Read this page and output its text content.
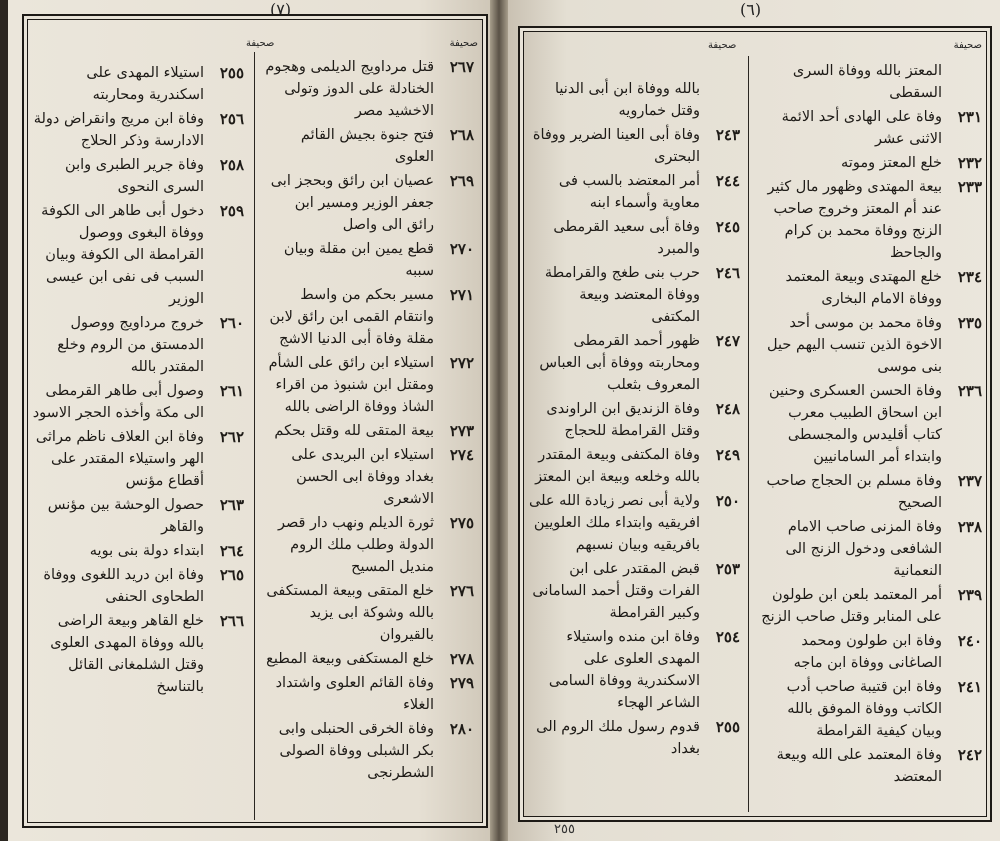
(٧)
صحيفة	صحيفة
٢٦٧
قتل مرداويج الديلمى وهجوم الخنادلة على الدوز وتولى الاخشيد مصر
٢٦٨
فتح جنوة بجيش القائم العلوى
٢٦٩
عصيان ابن رائق وبحجز ابى جعفر الوزير ومسير ابن رائق الى واصل
٢٧٠
قطع يمين ابن مقلة وبيان سببه
٢٧١
مسير بحكم من واسط وانتقام القمى ابن رائق لابن مقلة وفاة أبى الدنيا الاشج
٢٧٢
استيلاء ابن رائق على الشأم ومقتل ابن شنبوذ من اقراء الشاذ ووفاة الراضى بالله
٢٧٣
بيعة المتقى لله وقتل بحكم
٢٧٤
استيلاء ابن البريدى على بغداد ووفاة ابى الحسن الاشعرى
٢٧٥
ثورة الديلم ونهب دار قصر الدولة وطلب ملك الروم منديل المسيح
٢٧٦
خلع المتقى وبيعة المستكفى بالله وشوكة ابى يزيد بالقيروان
٢٧٨
خلع المستكفى وبيعة المطيع
٢٧٩
وفاة القائم العلوى واشتداد الغلاء
٢٨٠
وفاة الخرقى الحنبلى وابى بكر الشبلى ووفاة الصولى الشطرنجى
٢٥٥
استيلاء المهدى على اسكندرية ومحاربته
٢٥٦
وفاة ابن مريج وانقراض دولة الادارسة وذكر الحلاج
٢٥٨
وفاة جرير الطبرى وابن السرى النحوى
٢٥٩
دخول أبى طاهر الى الكوفة ووفاة البغوى ووصول القرامطة الى الكوفة وبيان السبب فى نفى ابن عيسى الوزير
٢٦٠
خروج مرداويج ووصول الدمستق من الروم وخلع المقتدر بالله
٢٦١
وصول أبى طاهر القرمطى الى مكة وأخذه الحجر الاسود
٢٦٢
وفاة ابن العلاف ناظم مراثى الهر واستيلاء المقتدر على أقطاع مؤنس
٢٦٣
حصول الوحشة بين مؤنس والقاهر
٢٦٤
ابتداء دولة بنى بويه
٢٦٥
وفاة ابن دريد اللغوى ووفاة الطحاوى الحنفى
٢٦٦
خلع القاهر وبيعة الراضى بالله ووفاة المهدى العلوى وقتل الشلمغانى القائل بالتناسخ
(٦)
صحيفة
صحيفة
المعتز بالله ووفاة السرى السقطى
٢٣١
وفاة على الهادى أحد الائمة الاثنى عشر
٢٣٢
خلع المعتز وموته
٢٣٣
بيعة المهتدى وظهور مال كثير عند أم المعتز وخروج صاحب الزنج ووفاة محمد بن كرام والجاحظ
٢٣٤
خلع المهتدى وبيعة المعتمد ووفاة الامام البخارى
٢٣٥
وفاة محمد بن موسى أحد الاخوة الذين تنسب اليهم حيل بنى موسى
٢٣٦
وفاة الحسن العسكرى وحنين ابن اسحاق الطبيب معرب كتاب أقليدس والمجسطى وابتداء أمر السامانيين
٢٣٧
وفاة مسلم بن الحجاج صاحب الصحيح
٢٣٨
وفاة المزنى صاحب الامام الشافعى ودخول الزنج الى النعمانية
٢٣٩
أمر المعتمد بلعن ابن طولون على المنابر وقتل صاحب الزنج
٢٤٠
وفاة ابن طولون ومحمد الصاغانى ووفاة ابن ماجه
٢٤١
وفاة ابن قتيبة صاحب أدب الكاتب ووفاة الموفق بالله وبيان كيفية القرامطة
٢٤٢
وفاة المعتمد على الله وبيعة المعتضد
بالله ووفاة ابن أبى الدنيا وقتل خمارويه
٢٤٣
وفاة أبى العينا الضرير ووفاة البحترى
٢٤٤
أمر المعتضد بالسب فى معاوية وأسماء ابنه
٢٤٥
وفاة أبى سعيد القرمطى والمبرد
٢٤٦
حرب بنى طغج والقرامطة ووفاة المعتضد وبيعة المكتفى
٢٤٧
ظهور أحمد القرمطى ومحاربته ووفاة أبى العباس المعروف بثعلب
٢٤٨
وفاة الزنديق ابن الراوندى وقتل القرامطة للحجاج
٢٤٩
وفاة المكتفى وبيعة المقتدر بالله وخلعه وبيعة ابن المعتز
٢٥٠
ولاية أبى نصر زيادة الله على افريقيه وابتداء ملك العلويين بافريقيه وبيان نسبهم
٢٥٣
قبض المقتدر على ابن الفرات وقتل أحمد السامانى وكبير القرامطة
٢٥٤
وفاة ابن منده واستيلاء المهدى العلوى على الاسكندرية ووفاة السامى الشاعر الهجاء
٢٥٥
قدوم رسول ملك الروم الى بغداد
٢٥٥
